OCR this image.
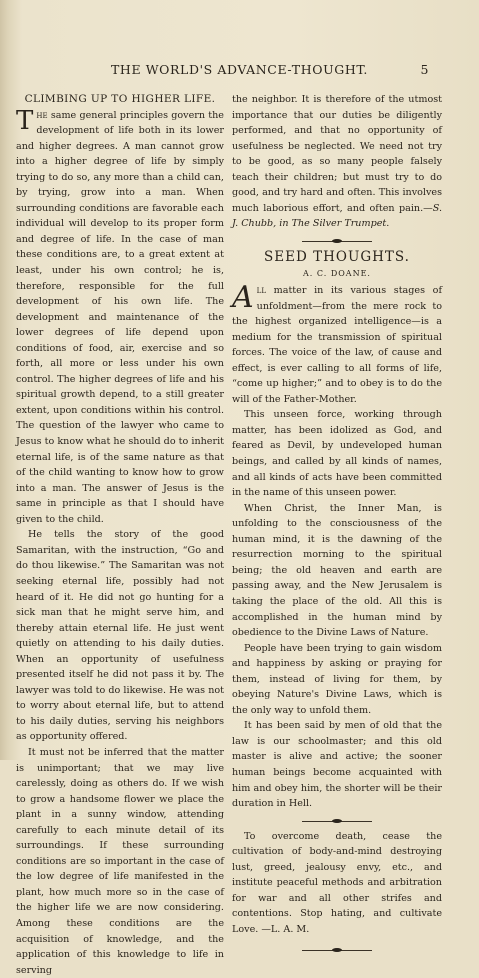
THE WORLD'S ADVANCE-THOUGHT.	5

CLIMBING UP TO HIGHER LIFE.

The same general principles govern the development of life both in its lower and higher degrees. A man cannot grow into a higher degree of life by simply trying to do so, any more than a child can, by trying, grow into a man. When surrounding conditions are favorable each individual will develop to its proper form and degree of life. In the case of man these conditions are, to a great extent at least, under his own control; he is, therefore, responsible for the full development of his own life. The development and maintenance of the lower degrees of life depend upon conditions of food, air, exercise and so forth, all more or less under his own control. The higher degrees of life and his spiritual growth depend, to a still greater extent, upon conditions within his control. The question of the lawyer who came to Jesus to know what he should do to inherit eternal life, is of the same nature as that of the child wanting to know how to grow into a man. The answer of Jesus is the same in principle as that I should have given to the child.

He tells the story of the good Samaritan, with the instruction, “Go and do thou likewise.” The Samaritan was not seeking eternal life, possibly had not heard of it. He did not go hunting for a sick man that he might serve him, and thereby attain eternal life. He just went quietly on attending to his daily duties. When an opportunity of usefulness presented itself he did not pass it by. The lawyer was told to do likewise. He was not to worry about eternal life, but to attend to his daily duties, serving his neighbors as opportunity offered.

It must not be inferred that the matter is unimportant; that we may live carelessly, doing as others do. If we wish to grow a handsome flower we place the plant in a sunny window, attending carefully to each minute detail of its surroundings. If these surrounding conditions are so important in the case of the low degree of life manifested in the plant, how much more so in the case of the higher life we are now considering. Among these conditions are the acquisition of knowledge, and the application of this knowledge to life in serving

the neighbor. It is therefore of the utmost importance that our duties be diligently performed, and that no opportunity of usefulness be neglected. We need not try to be good, as so many people falsely teach their children; but must try to do good, and try hard and often. This involves much laborious effort, and often pain.—S. J. Chubb, in The Silver Trumpet.

SEED THOUGHTS.
A. C. DOANE.

All matter in its various stages of unfoldment—from the mere rock to the highest organized intelligence—is a medium for the transmission of spiritual forces. The voice of the law, of cause and effect, is ever calling to all forms of life, “come up higher;” and to obey is to do the will of the Father-Mother.

This unseen force, working through matter, has been idolized as God, and feared as Devil, by undeveloped human beings, and called by all kinds of names, and all kinds of acts have been committed in the name of this unseen power.

When Christ, the Inner Man, is unfolding to the consciousness of the human mind, it is the dawning of the resurrection morning to the spiritual being; the old heaven and earth are passing away, and the New Jerusalem is taking the place of the old. All this is accomplished in the human mind by obedience to the Divine Laws of Nature.

People have been trying to gain wisdom and happiness by asking or praying for them, instead of living for them, by obeying Nature's Divine Laws, which is the only way to unfold them.

It has been said by men of old that the law is our schoolmaster; and this old master is alive and active; the sooner human beings become acquainted with him and obey him, the shorter will be their duration in Hell.

To overcome death, cease the cultivation of body-and-mind destroying lust, greed, jealousy envy, etc., and institute peaceful methods and arbitration for war and all other strifes and contentions. Stop hating, and cultivate Love. —L. A. M.
